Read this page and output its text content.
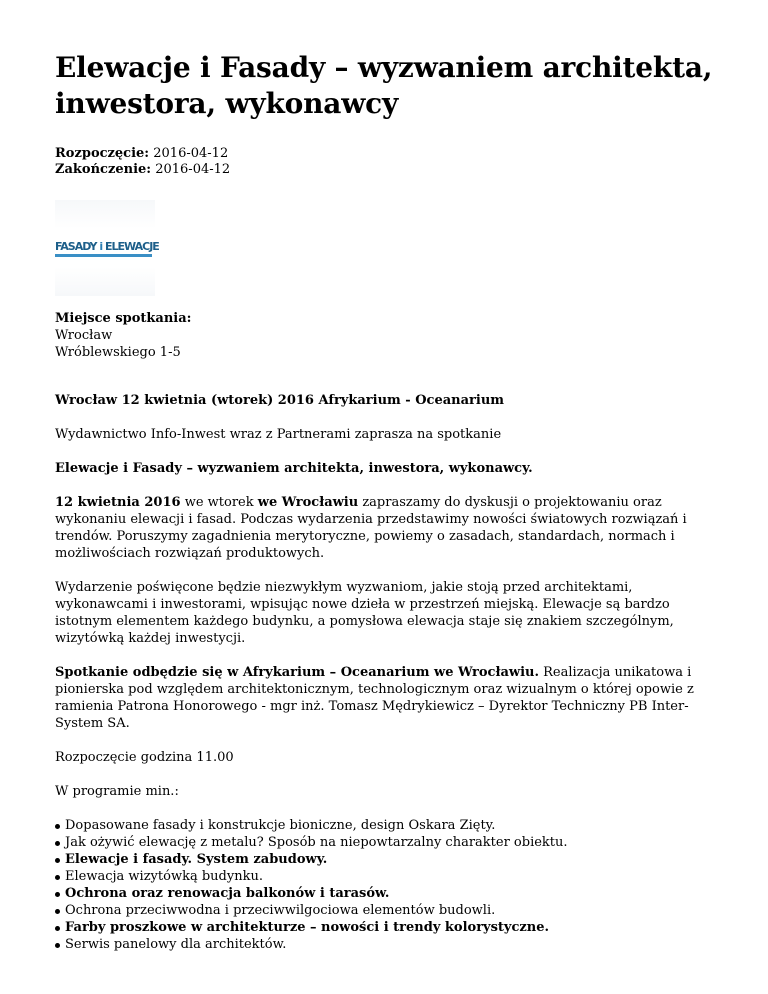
Elewacje i Fasady – wyzwaniem architekta, inwestora, wykonawcy

Rozpoczęcie: 2016-04-12

Zakończenie: 2016-04-12

FASADY i ELEWACJE
Miejsce spotkania:
Wrocław
Wróblewskiego 1-5

Wrocław 12 kwietnia (wtorek) 2016 Afrykarium - Oceanarium

Wydawnictwo Info-Inwest wraz z Partnerami zaprasza na spotkanie

Elewacje i Fasady – wyzwaniem architekta, inwestora, wykonawcy.

12 kwietnia 2016 we wtorek we Wrocławiu zapraszamy do dyskusji o projektowaniu oraz wykonaniu elewacji i fasad. Podczas wydarzenia przedstawimy nowości światowych rozwiązań i trendów. Poruszymy zagadnienia merytoryczne, powiemy o zasadach, standardach, normach i możliwościach rozwiązań produktowych.

Wydarzenie poświęcone będzie niezwykłym wyzwaniom, jakie stoją przed architektami, wykonawcami i inwestorami, wpisując nowe dzieła w przestrzeń miejską. Elewacje są bardzo istotnym elementem każdego budynku, a pomysłowa elewacja staje się znakiem szczególnym, wizytówką każdej inwestycji.

Spotkanie odbędzie się w Afrykarium – Oceanarium we Wrocławiu. Realizacja unikatowa i pionierska pod względem architektonicznym, technologicznym oraz wizualnym o której opowie z ramienia Patrona Honorowego - mgr inż. Tomasz Mędrykiewicz – Dyrektor Techniczny PB Inter-System SA.

Rozpoczęcie godzina 11.00

W programie min.:

Dopasowane fasady i konstrukcje bioniczne, design Oskara Zięty.
Jak ożywić elewację z metalu? Sposób na niepowtarzalny charakter obiektu.
Elewacje i fasady. System zabudowy.
Elewacja wizytówką budynku.
Ochrona oraz renowacja balkonów i tarasów.
Ochrona przeciwwodna i przeciwwilgociowa elementów budowli.
Farby proszkowe w architekturze – nowości i trendy kolorystyczne.
Serwis panelowy dla architektów.
